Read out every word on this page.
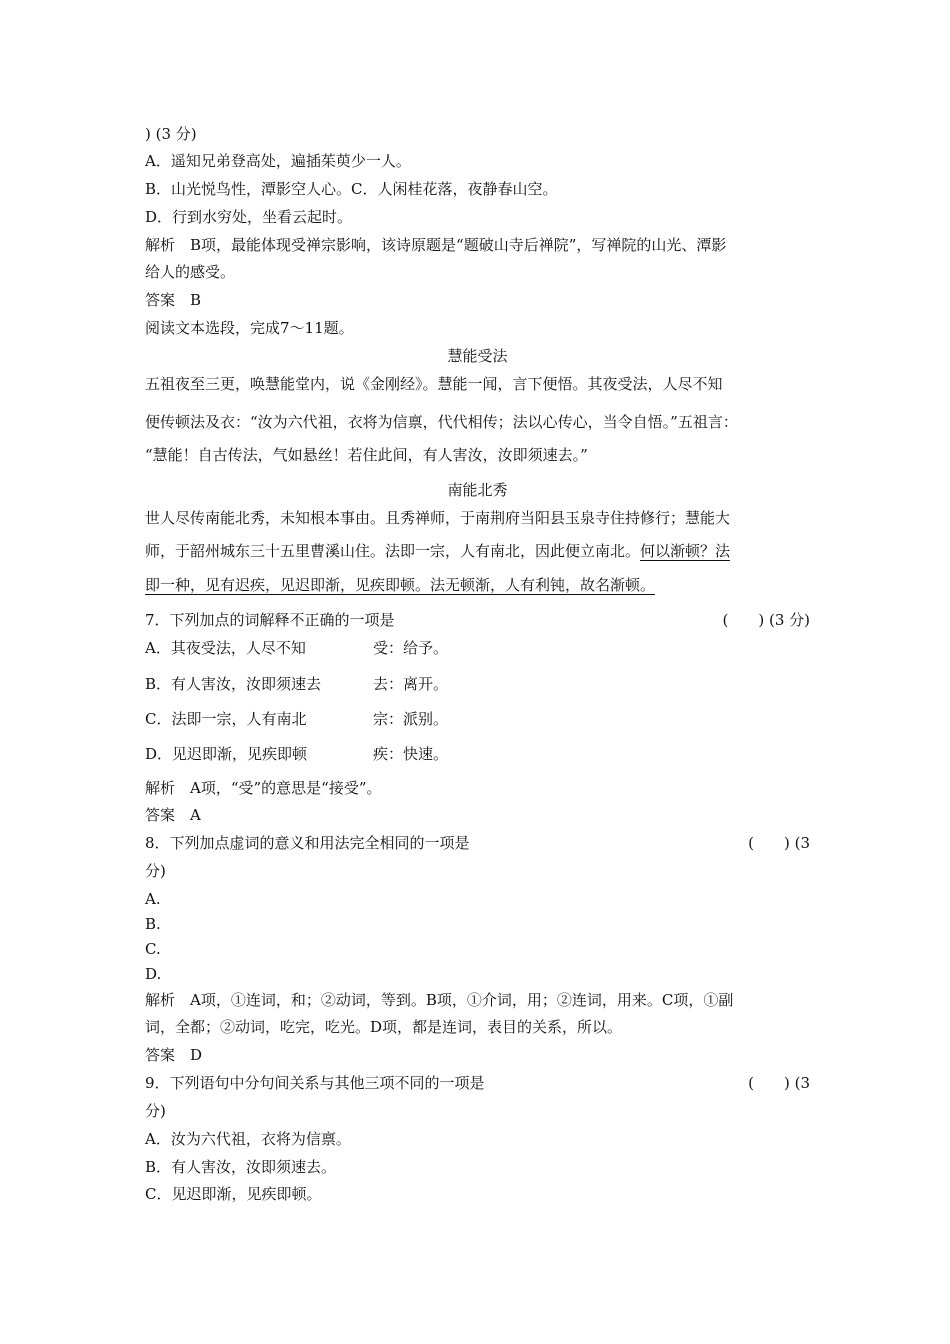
) (3 分)
A．遥知兄弟登高处，遍插茱萸少一人。
B．山光悦鸟性，潭影空人心。C．人闲桂花落，夜静春山空。
D．行到水穷处，坐看云起时。
解析　B项，最能体现受禅宗影响，该诗原题是“题破山寺后禅院”，写禅院的山光、潭影
给人的感受。
答案　B
阅读文本选段，完成7～11题。
慧能受法
五祖夜至三更，唤慧能堂内，说《金刚经》。慧能一闻，言下便悟。其夜受法，人尽不知
便传顿法及衣：“汝为六代祖，衣将为信禀，代代相传；法以心传心，当令自悟。”五祖言：
“慧能！自古传法，气如悬丝！若住此间，有人害汝，汝即须速去。”
南能北秀
世人尽传南能北秀，未知根本事由。且秀禅师，于南荆府当阳县玉泉寺住持修行；慧能大
师，于韶州城东三十五里曹溪山住。法即一宗，人有南北，因此便立南北。何以渐顿？法
即一种，见有迟疾，见迟即渐，见疾即顿。法无顿渐，人有利钝，故名渐顿。
7．下列加点的词解释不正确的一项是	(　　) (3 分)
A．其夜受法，人尽不知	受：给予。
B．有人害汝，汝即须速去	去：离开。
C．法即一宗，人有南北	宗：派别。
D．见迟即渐，见疾即顿	疾：快速。
解析　A项，“受”的意思是“接受”。
答案　A
8．下列加点虚词的意义和用法完全相同的一项是	(　　) (3
分)
A.
B.
C.
D.
解析　A项，①连词，和；②动词，等到。B项，①介词，用；②连词，用来。C项，①副
词，全都；②动词，吃完，吃光。D项，都是连词，表目的关系，所以。
答案　D
9．下列语句中分句间关系与其他三项不同的一项是	(　　) (3
分)
A．汝为六代祖，衣将为信禀。
B．有人害汝，汝即须速去。
C．见迟即渐，见疾即顿。
